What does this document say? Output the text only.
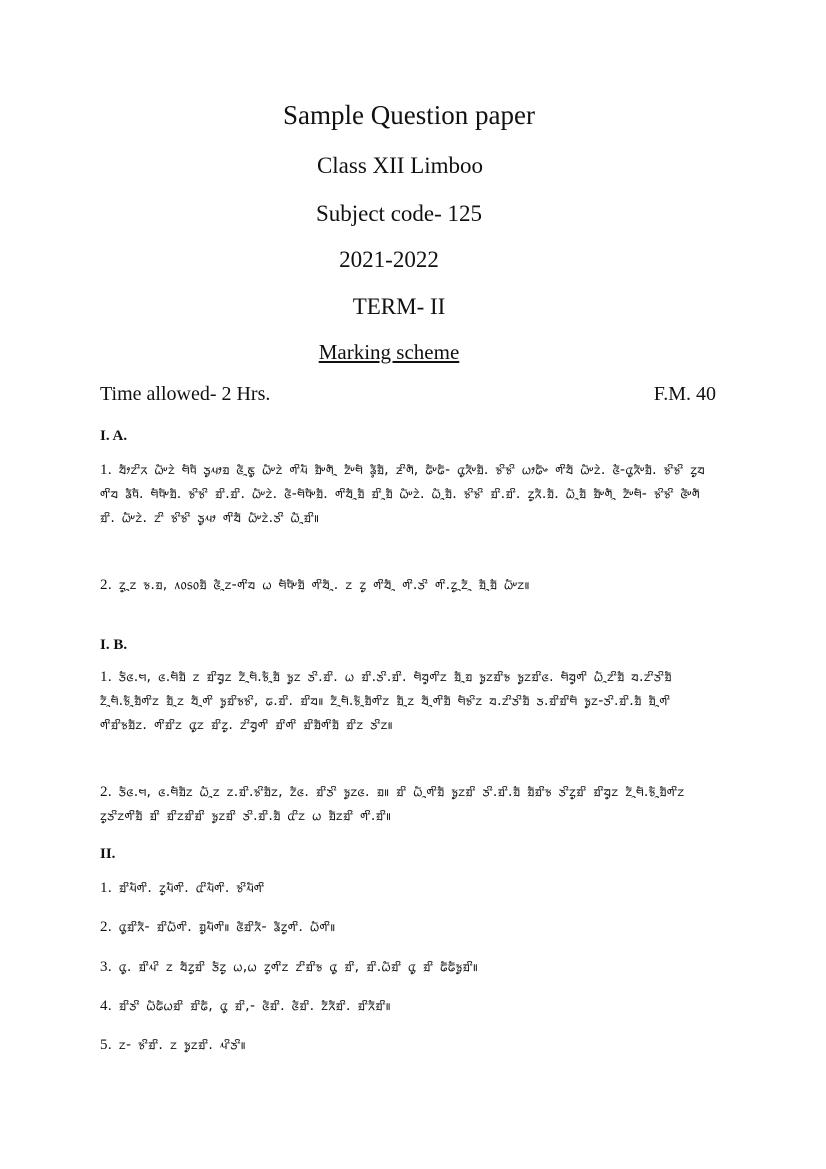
Sample Question paper
Class XII Limboo
Subject code- 125
2021-2022
TERM- II
Marking scheme
Time allowed- 2 Hrs.	F.M. 40
I. A.
1. ᤔᤥᤁᤡᤖ ᤐᤠᤸᤁᤧ ᤗᤠᤄᤠ ᤍᤢᤘᤣᤀ ᤜᤠᤳᤇᤢ ᤐᤠᤸᤁᤧ ᤛᤡᤘᤠ ᤀᤠᤸᤛᤠᤳ ᤁᤠᤸᤗᤠ ᤕᤠᤲᤀᤠ, ᤏᤡᤛᤠ, ᤒᤠᤸᤒᤠ- ᤂᤢᤖᤠᤸᤀᤠ. ᤃᤡᤃᤡ ᤐᤣᤒᤠᤴ ᤛᤡᤔᤠ ᤐᤠᤸᤁᤧ. ᤜᤠ-ᤂᤢᤖᤠᤸᤀᤠ. ᤃᤡᤃᤡ ᤁᤢᤔ ᤛᤡᤔ ᤕᤠᤄᤠ. ᤗᤠᤄᤠᤸᤀᤠ. ᤃᤡᤃᤡ ᤀᤡ.ᤀᤡ. ᤐᤠᤸᤁᤧ. ᤜᤠ-ᤗᤠᤄᤠᤸᤀᤠ. ᤛᤡᤔᤠᤳᤀᤠ ᤀᤡᤳᤀᤠ ᤐᤠᤸᤁᤧ. ᤐᤠᤳᤀᤠ. ᤃᤡᤃᤡ ᤀᤡ.ᤀᤡ. ᤁᤢᤖᤠ.ᤀᤠ. ᤐᤠᤳᤀᤠ ᤀᤠᤸᤛᤠᤳ ᤁᤠᤸᤗᤠ- ᤃᤡᤃᤡ ᤜᤠᤸᤛᤠ ᤀᤡ. ᤐᤠᤸᤁᤧ. ᤁᤡ ᤃᤡᤃᤡ ᤍᤢᤘᤣ ᤛᤡᤔᤠ ᤐᤠᤸᤁᤧ.ᤍᤡ ᤐᤠᤳᤀᤡ॥
2. ᤁᤢᤳᤁ ᤃ.ᤀ, ᥈᥆᥉᥆ᤀᤠ ᤜᤠᤳᤁ-ᤛᤡᤔ ᤐ ᤗᤠᤄᤠᤸᤀᤠ ᤛᤡᤔᤠᤳ. ᤁ ᤁᤢ ᤛᤡᤔᤠᤳ ᤛᤡ.ᤍᤡ ᤛᤡ.ᤁᤢᤳᤁᤠᤳ ᤀᤠᤳᤀᤠ ᤐᤠᤸᤁ॥
I. B.
1. ᤍᤠᤜ.ᤗ, ᤜ.ᤗᤠᤀᤠ ᤁ ᤀᤡᤔᤢᤁ ᤁᤠᤳᤗᤠ.ᤃᤠᤳᤀᤠ ᤃᤢᤁ ᤍᤡ.ᤀᤡ. ᤐ ᤀᤡ.ᤍᤡ.ᤀᤡ. ᤗᤠᤔᤢᤛᤡᤁ ᤀᤠᤳᤀ ᤃᤢᤁᤀᤡᤃ ᤃᤢᤁᤀᤡᤜ. ᤗᤠᤔᤢᤛᤡ ᤐᤠᤳᤁᤡᤀᤠ ᤔ.ᤁᤡᤍᤡᤀᤠ ᤁᤠᤳᤗᤠ.ᤃᤠᤳᤀᤠᤛᤡᤁ ᤀᤠᤳᤁ ᤔᤠᤳᤛᤡ ᤃᤢᤀᤡᤃᤃᤡ, ᤒ.ᤀᤡ. ᤀᤡᤔ॥ ᤁᤠᤳᤗᤠ.ᤃᤠᤳᤀᤠᤛᤡᤁ ᤀᤠᤳᤁ ᤔᤠᤳᤛᤡᤀᤠ ᤗᤠᤃᤡᤁ ᤔ.ᤁᤡᤍᤡᤀᤠ ᤍ.ᤀᤡᤀᤡᤗᤠ ᤃᤢᤁ-ᤍᤡ.ᤀᤡ.ᤀᤠ ᤀᤠᤳᤛᤡ ᤛᤡᤀᤡᤃᤀᤠᤁ. ᤛᤡᤀᤡᤁ ᤂᤢᤁ ᤀᤡᤁᤢ. ᤁᤡᤔᤢᤛᤡ ᤀᤡᤛᤡ ᤀᤡᤀᤠᤛᤡᤀᤠ ᤀᤡᤁ ᤍᤡᤁ॥
2. ᤍᤠᤜ.ᤗ, ᤜ.ᤗᤠᤀᤠᤁ ᤐᤠᤳᤁ ᤁ.ᤀᤡ.ᤃᤡᤀᤠᤁ, ᤁᤠᤜ. ᤀᤡᤍᤡ ᤃᤢᤁᤜ. ᤀ॥ ᤀᤡ ᤐᤠᤳᤛᤡᤀᤠ ᤃᤢᤁᤀᤡ ᤍᤡ.ᤀᤡ.ᤀᤠ ᤀᤠᤀᤡᤃ ᤍᤡᤁᤢᤀᤡ ᤀᤡᤔᤢᤁ ᤁᤠᤳᤗᤠ.ᤃᤠᤳᤀᤠᤛᤡᤁ ᤁᤢᤍᤡᤁᤛᤡᤀᤠ ᤀᤡ ᤀᤡᤁᤀᤡᤀᤡ ᤃᤢᤁᤀᤡ ᤍᤡ.ᤀᤡ.ᤀᤠ ᤂᤡᤁ ᤐ ᤀᤠᤁᤀᤡ ᤛᤡ.ᤀᤡ॥
II.
1. ᤀᤡᤘᤠᤛᤡ. ᤁᤢᤘᤠᤛᤡ. ᤂᤡᤘᤠᤛᤡ. ᤃᤡᤘᤠᤛᤡ
2. ᤂᤢᤀᤡᤖᤠ- ᤀᤡᤐᤠᤛᤡ. ᤀᤢᤘᤠᤛᤡ॥ ᤜᤠᤀᤡᤖᤠ- ᤕᤠᤁᤢᤛᤡ. ᤐᤠᤛᤡ॥
3. ᤂᤢ. ᤀᤡᤘᤡ ᤁ ᤔᤠᤁᤢᤀᤡ ᤍᤠᤁᤢ ᤐ,ᤐ ᤁᤢᤛᤡᤁ ᤁᤡᤀᤡᤃ ᤂᤢ ᤀᤡ, ᤀᤡ.ᤐᤠᤀᤡ ᤂᤢ ᤀᤡ ᤒᤠᤒᤠᤃᤢᤀᤡ॥
4. ᤀᤡᤍᤡ ᤐᤠᤒᤠᤐᤀᤡ ᤀᤡᤒᤠ, ᤂᤢ ᤀᤡ,- ᤜᤠᤀᤡ. ᤜᤠᤀᤡ. ᤁᤠᤖᤠᤀᤡ. ᤀᤡᤖᤠᤀᤡ॥
5. ᤁ- ᤃᤡᤀᤡ. ᤁ ᤃᤢᤁᤀᤡ. ᤘᤡᤍᤡ॥
